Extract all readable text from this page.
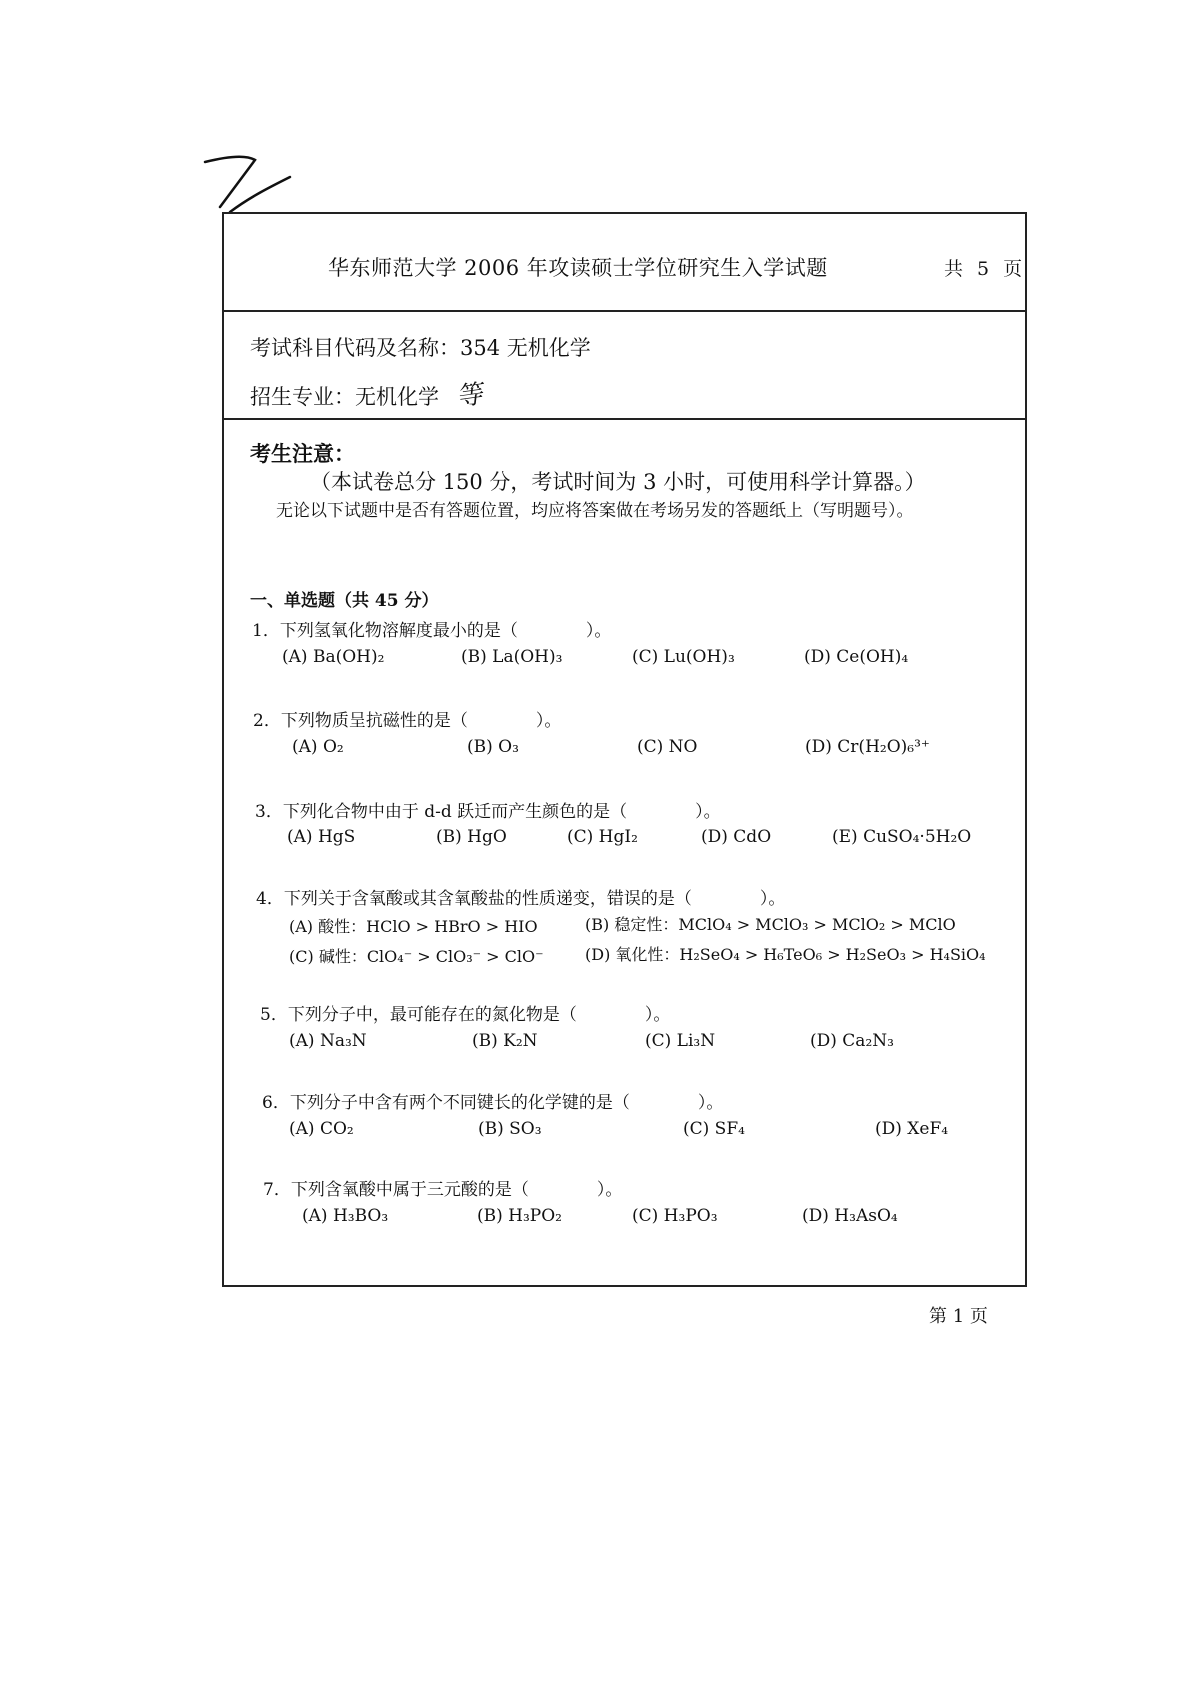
华东师范大学 2006 年攻读硕士学位研究生入学试题	共 5 页
考试科目代码及名称：354 无机化学
招生专业：无机化学 等
考生注意：
（本试卷总分 150 分，考试时间为 3 小时，可使用科学计算器。）
无论以下试题中是否有答题位置，均应将答案做在考场另发的答题纸上（写明题号）。
一、单选题（共 45 分）
1．下列氢氧化物溶解度最小的是（　　　　）。
(A) Ba(OH)₂	(B) La(OH)₃	(C) Lu(OH)₃	(D) Ce(OH)₄
2．下列物质呈抗磁性的是（　　　　）。
(A) O₂	(B) O₃	(C) NO	(D) Cr(H₂O)₆³⁺
3．下列化合物中由于 d-d 跃迁而产生颜色的是（　　　　）。
(A) HgS	(B) HgO	(C) HgI₂	(D) CdO	(E) CuSO₄·5H₂O
4．下列关于含氧酸或其含氧酸盐的性质递变，错误的是（　　　　）。
(A) 酸性：HClO > HBrO > HIO	(B) 稳定性：MClO₄ > MClO₃ > MClO₂ > MClO
(C) 碱性：ClO₄⁻ > ClO₃⁻ > ClO⁻	(D) 氧化性：H₂SeO₄ > H₆TeO₆ > H₂SeO₃ > H₄SiO₄
5．下列分子中，最可能存在的氮化物是（　　　　）。
(A) Na₃N	(B) K₂N	(C) Li₃N	(D) Ca₂N₃
6．下列分子中含有两个不同键长的化学键的是（　　　　）。
(A) CO₂	(B) SO₃	(C) SF₄	(D) XeF₄
7．下列含氧酸中属于三元酸的是（　　　　）。
(A) H₃BO₃	(B) H₃PO₂	(C) H₃PO₃	(D) H₃AsO₄
第 1 页
